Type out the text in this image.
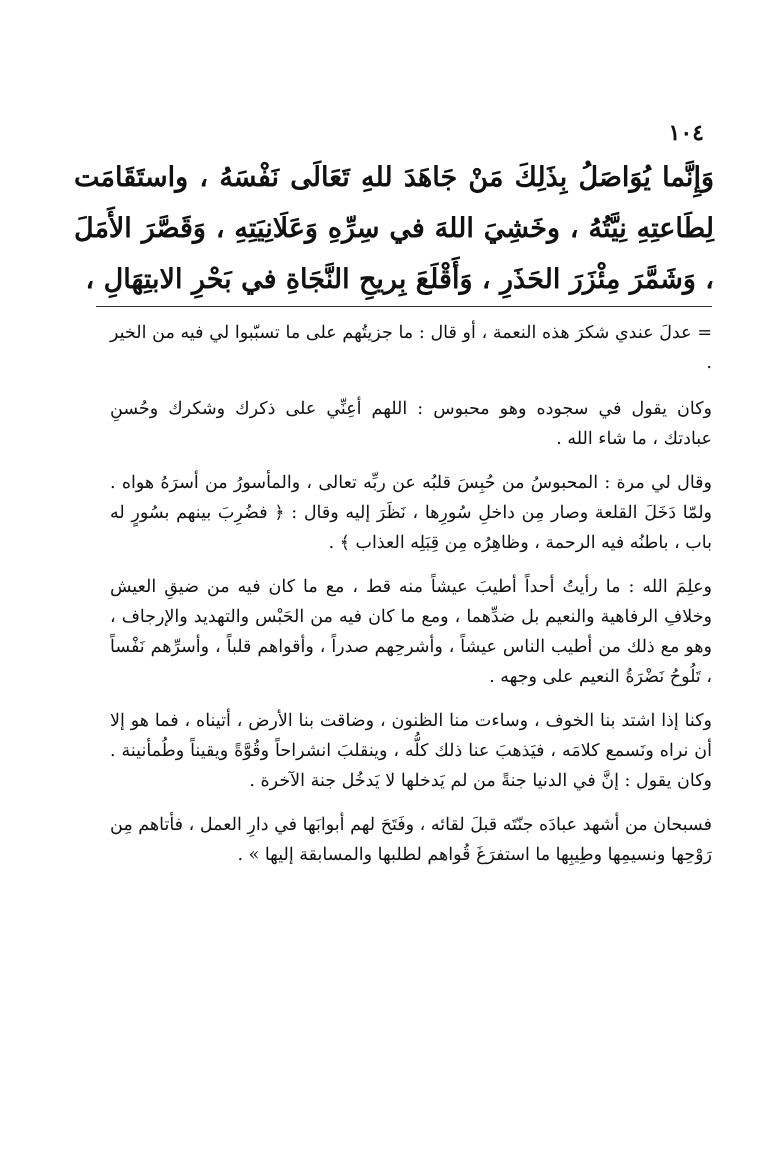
١٠٤
وَإِنَّما يُوَاصَلُ بِذَلِكَ مَنْ جَاهَدَ للهِ تَعَالَى نَفْسَهُ ، واستَقَامَت لِطَاعتِهِ نِيَّتُهُ ، وخَشِيَ اللهَ في سِرِّهِ وَعَلَانِيَتِهِ ، وَقَصَّرَ الأَمَلَ ، وَشَمَّرَ مِئْزَرَ الحَذَرِ ، وَأَقْلَعَ بِريحِ النَّجَاةِ في بَحْرِ الابتِهَالِ ،

= عدلَ عندي شكرَ هذه النعمة ، أو قال : ما جزيتُهم على ما تسبّبوا لي فيه من الخير .

وكان يقول في سجوده وهو محبوس : اللهم أعِنِّي على ذكرك وشكرك وحُسنِ عبادتك ، ما شاء الله .

وقال لي مرة : المحبوسُ من حُبِسَ قلبُه عن ربِّه تعالى ، والمأسورُ من أسرَهُ هواه . ولمّا دَخَلَ القلعة وصار مِن داخلِ سُورِها ، نَظَرَ إليه وقال : ﴿ فضُرِبَ بينهم بسُورٍ له باب ، باطنُه فيه الرحمة ، وظاهِرُه مِن قِبَلِه العذاب ﴾ .

وعلِمَ الله : ما رأيتُ أحداً أطيبَ عيشاً منه قط ، مع ما كان فيه من ضيقِ العيش وخلافِ الرفاهية والنعيم بل ضدِّهما ، ومع ما كان فيه من الحَبْس والتهديد والإرجاف ، وهو مع ذلك من أطيب الناس عيشاً ، وأشرحِهم صدراً ، وأقواهم قلباً ، وأسرِّهم نَفْساً ، تَلُوحُ نَضْرَةُ النعيم على وجهه .

وكنا إذا اشتد بنا الخوف ، وساءت منا الظنون ، وضاقت بنا الأرض ، أتيناه ، فما هو إلا أن نراه ونَسمع كلامَه ، فيَذهبَ عنا ذلك كلُّه ، وينقلبَ انشراحاً وقُوَّةً ويقيناً وطُمأنينة . وكان يقول : إنَّ في الدنيا جنةً من لم يَدخلها لا يَدخُل جنة الآخرة .

فسبحان من أشهد عبادَه جنّتَه قبلَ لقائه ، وفَتَحَ لهم أبوابَها في دارِ العمل ، فأتاهم مِن رَوْحِها ونسيمِها وطِيبِها ما استفرَغَ قُواهم لطلبها والمسابقة إليها » .
